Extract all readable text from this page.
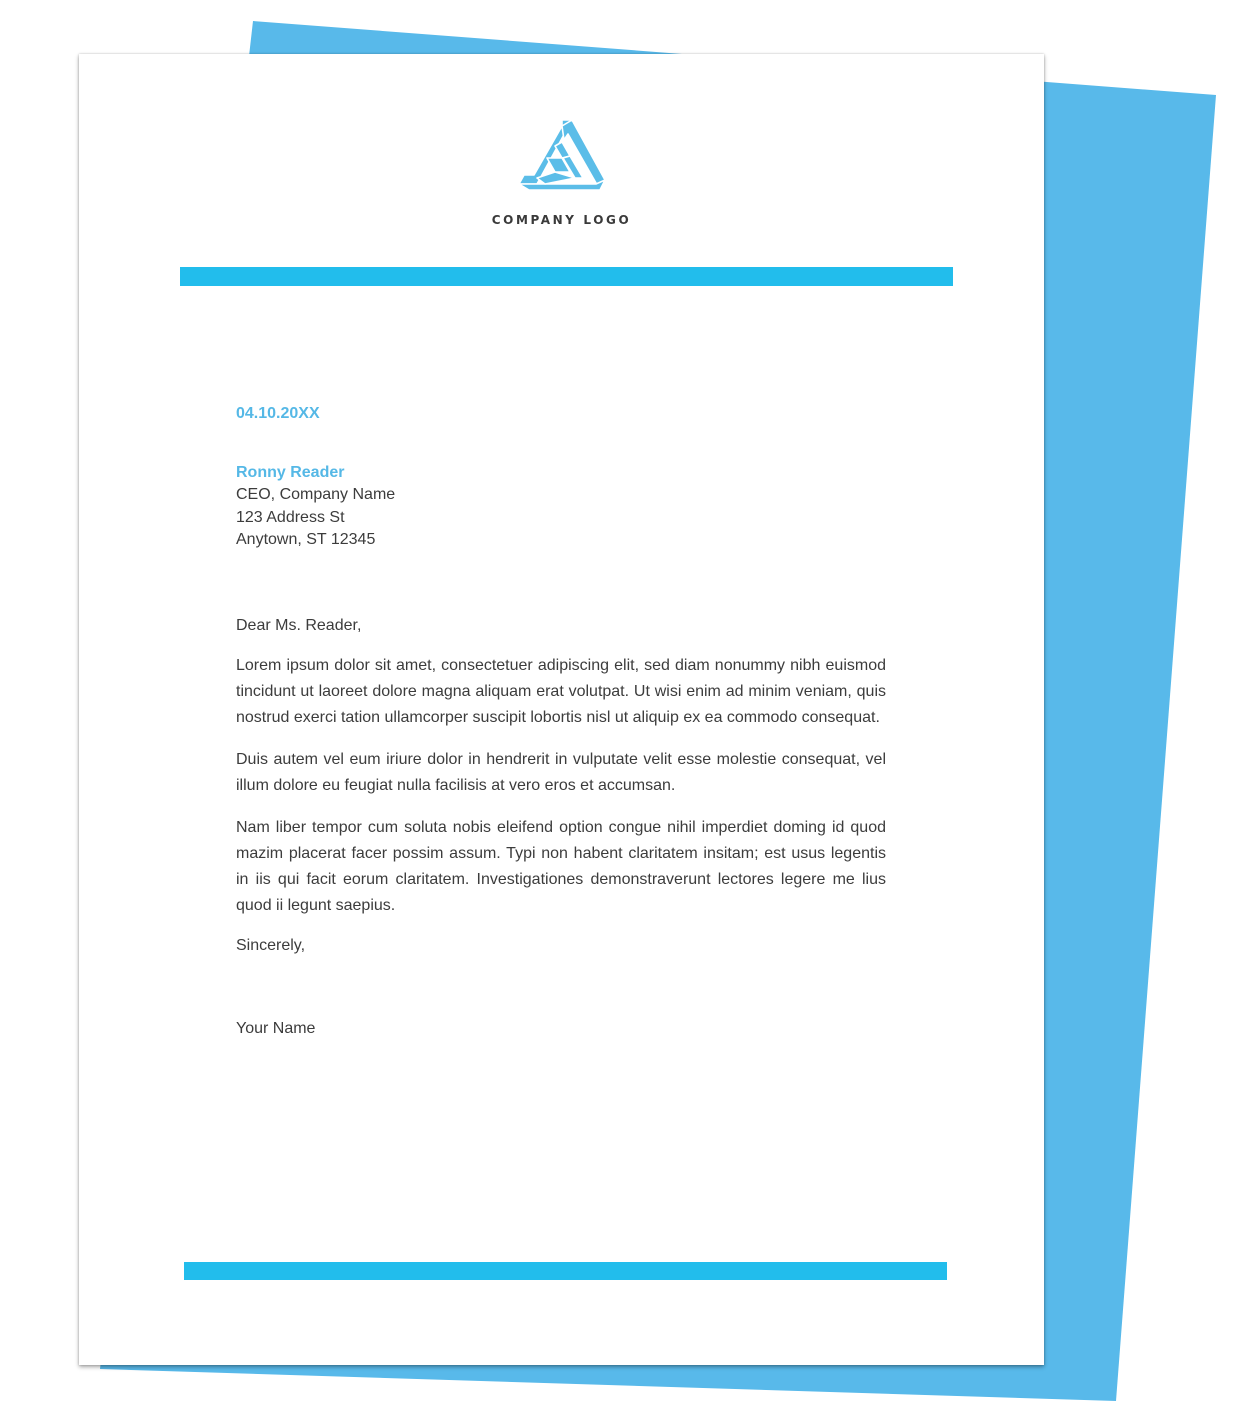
COMPANY LOGO
04.10.20XX
Ronny Reader
CEO, Company Name
123 Address St
Anytown, ST 12345
Dear Ms. Reader,
Lorem ipsum dolor sit amet, consectetuer adipiscing elit, sed diam nonummy nibh euismod tincidunt ut laoreet dolore magna aliquam erat volutpat. Ut wisi enim ad minim veniam, quis nostrud exerci tation ullamcorper suscipit lobortis nisl ut aliquip ex ea commodo consequat.
Duis autem vel eum iriure dolor in hendrerit in vulputate velit esse molestie consequat, vel illum dolore eu feugiat nulla facilisis at vero eros et accumsan.
Nam liber tempor cum soluta nobis eleifend option congue nihil imperdiet doming id quod mazim placerat facer possim assum. Typi non habent claritatem insitam; est usus legentis in iis qui facit eorum claritatem. Investigationes demonstraverunt lectores legere me lius quod ii legunt saepius.
Sincerely,
Your Name
